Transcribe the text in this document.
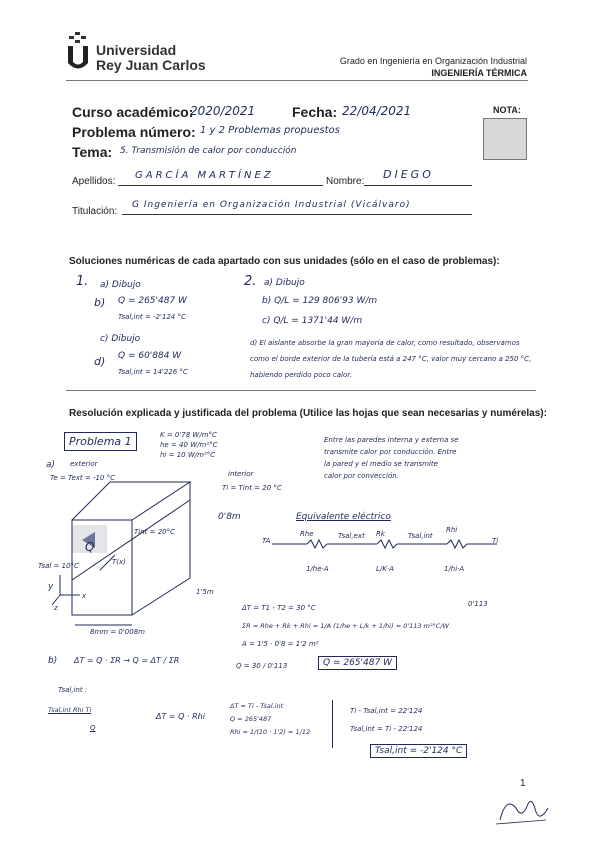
Universidad
Rey Juan Carlos	Grado en Ingeniería en Organización Industrial
INGENIERÍA TÉRMICA
Curso académico:
2020/2021	Fecha: 22/04/2021	NOTA:
Problema número: 1 y 2 Problemas propuestos
Tema: 5. Transmisión de calor por conducción
Apellidos:
GARCÍA MARTÍNEZ
Nombre:
DIEGO
Titulación:
G Ingeniería en Organización Industrial (Vicálvaro)
Soluciones numéricas de cada apartado con sus unidades (sólo en el caso de problemas):
1. a) Dibujo
b) Q = 265'487 W
Tsal,int = -2'124 °C
c) Dibujo
d) Q = 60'884 W
Tsal,int = 14'226 °C
2. a) Dibujo
b) Q/L = 129 806'93 W/m
c) Q/L = 1371'44 W/m
d) El aislante absorbe la gran mayoría de calor, como resultado, observamos como el borde exterior de la tubería está a 247 °C, valor muy cercano a 250 °C, habiendo perdido poco calor.
Resolución explicada y justificada del problema (Utilice las hojas que sean necesarias y numérelas):
Problema 1	K = 0'78 W/m°C
he = 40 W/m²°C
hi = 10 W/m²°C
Entre las paredes interna y externa se
transmite calor por conducción. Entre
la pared y el medio se transmite
calor por convección.
a) exterior
Te = Text = -10 °C	interior
Ti = Tint = 20 °C
Q
T(x)
Tint = 20°C
Tsal = 10°C
y
z
x
0'8m
1'5m
8mm = 0'008m
Equivalente eléctrico
TA
Rhe	Tsal,ext Rk	Tsal,int
Rhi
Ti
1/he·A	L/K·A	1/hi·A
ΔT = T1 - T2 = 30 °C	0'113
ΣR = Rhe + Rk + Rhi = 1/A (1/he + L/k + 1/hi) = 0'113 m²°C/W
A = 1'5 · 0'8 = 1'2 m²
b) ΔT = Q · ΣR → Q = ΔT / ΣR
Q = 30 / 0'113	Q = 265'487 W
Tsal,int :
Tsal,int Rhi Ti
Q
ΔT = Q · Rhi
ΔT = Ti - Tsal,int
Q = 265'487
Rhi = 1/(10 · 1'2) = 1/12
Ti - Tsal,int = 22'124
Tsal,int = Ti - 22'124
Tsal,int = -2'124 °C
1
